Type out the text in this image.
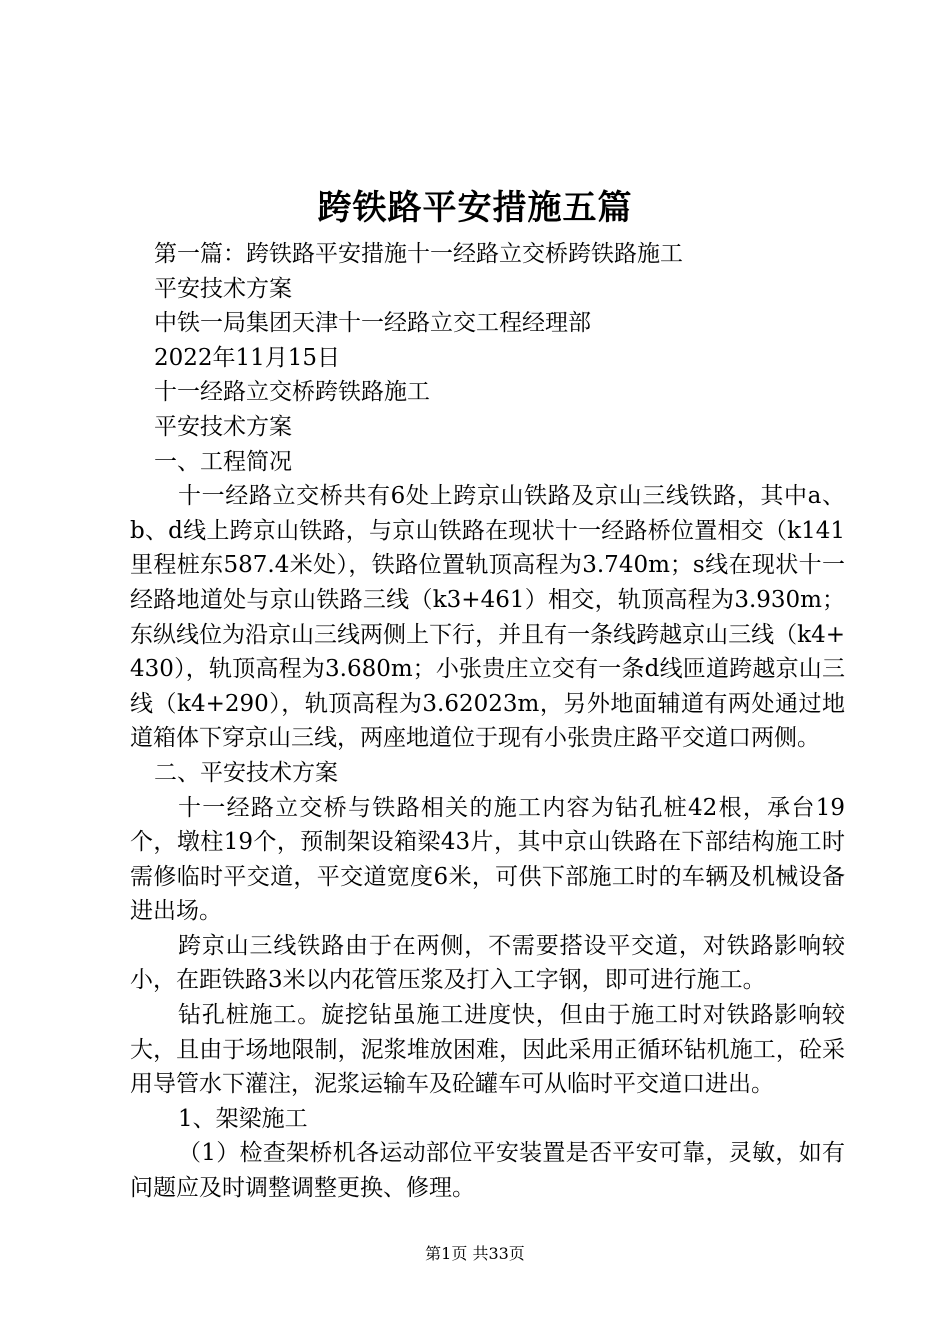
跨铁路平安措施五篇

第一篇：跨铁路平安措施十一经路立交桥跨铁路施工

平安技术方案

中铁一局集团天津十一经路立交工程经理部

2022年11月15日

十一经路立交桥跨铁路施工

平安技术方案

一、工程简况

十一经路立交桥共有6处上跨京山铁路及京山三线铁路，其中a、b、d线上跨京山铁路，与京山铁路在现状十一经路桥位置相交（k141里程桩东587.4米处），铁路位置轨顶高程为3.740m；s线在现状十一经路地道处与京山铁路三线（k3+461）相交，轨顶高程为3.930m；东纵线位为沿京山三线两侧上下行，并且有一条线跨越京山三线（k4+430），轨顶高程为3.680m；小张贵庄立交有一条d线匝道跨越京山三线（k4+290），轨顶高程为3.62023m，另外地面辅道有两处通过地道箱体下穿京山三线，两座地道位于现有小张贵庄路平交道口两侧。

二、平安技术方案

十一经路立交桥与铁路相关的施工内容为钻孔桩42根，承台19个，墩柱19个，预制架设箱梁43片，其中京山铁路在下部结构施工时需修临时平交道，平交道宽度6米，可供下部施工时的车辆及机械设备进出场。

跨京山三线铁路由于在两侧，不需要搭设平交道，对铁路影响较小，在距铁路3米以内花管压浆及打入工字钢，即可进行施工。

钻孔桩施工。旋挖钻虽施工进度快，但由于施工时对铁路影响较大，且由于场地限制，泥浆堆放困难，因此采用正循环钻机施工，砼采用导管水下灌注，泥浆运输车及砼罐车可从临时平交道口进出。

1、架梁施工

（1）检查架桥机各运动部位平安装置是否平安可靠，灵敏，如有问题应及时调整调整更换、修理。

第1页 共33页
